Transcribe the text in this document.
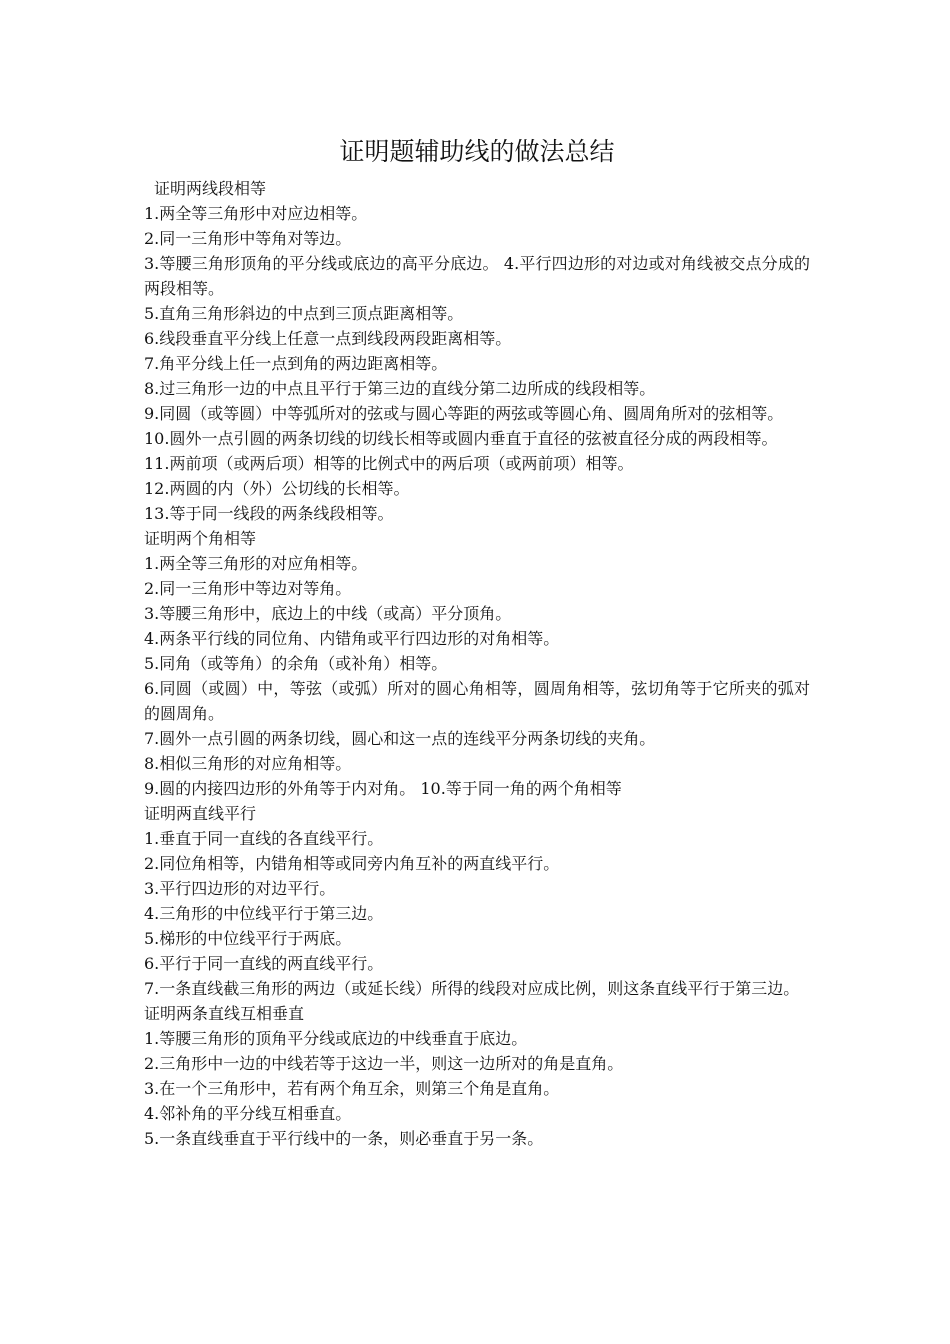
证明题辅助线的做法总结

证明两线段相等

1.两全等三角形中对应边相等。

2.同一三角形中等角对等边。

3.等腰三角形顶角的平分线或底边的高平分底边。 4.平行四边形的对边或对角线被交点分成的两段相等。

5.直角三角形斜边的中点到三顶点距离相等。

6.线段垂直平分线上任意一点到线段两段距离相等。

7.角平分线上任一点到角的两边距离相等。

8.过三角形一边的中点且平行于第三边的直线分第二边所成的线段相等。

9.同圆（或等圆）中等弧所对的弦或与圆心等距的两弦或等圆心角、圆周角所对的弦相等。

10.圆外一点引圆的两条切线的切线长相等或圆内垂直于直径的弦被直径分成的两段相等。

11.两前项（或两后项）相等的比例式中的两后项（或两前项）相等。

12.两圆的内（外）公切线的长相等。

13.等于同一线段的两条线段相等。

证明两个角相等

1.两全等三角形的对应角相等。

2.同一三角形中等边对等角。

3.等腰三角形中，底边上的中线（或高）平分顶角。

4.两条平行线的同位角、内错角或平行四边形的对角相等。

5.同角（或等角）的余角（或补角）相等。

6.同圆（或圆）中，等弦（或弧）所对的圆心角相等，圆周角相等，弦切角等于它所夹的弧对的圆周角。

7.圆外一点引圆的两条切线，圆心和这一点的连线平分两条切线的夹角。

8.相似三角形的对应角相等。

9.圆的内接四边形的外角等于内对角。 10.等于同一角的两个角相等

证明两直线平行

1.垂直于同一直线的各直线平行。

2.同位角相等，内错角相等或同旁内角互补的两直线平行。

3.平行四边形的对边平行。

4.三角形的中位线平行于第三边。

5.梯形的中位线平行于两底。

6.平行于同一直线的两直线平行。

7.一条直线截三角形的两边（或延长线）所得的线段对应成比例，则这条直线平行于第三边。

证明两条直线互相垂直

1.等腰三角形的顶角平分线或底边的中线垂直于底边。

2.三角形中一边的中线若等于这边一半，则这一边所对的角是直角。

3.在一个三角形中，若有两个角互余，则第三个角是直角。

4.邻补角的平分线互相垂直。

5.一条直线垂直于平行线中的一条，则必垂直于另一条。
